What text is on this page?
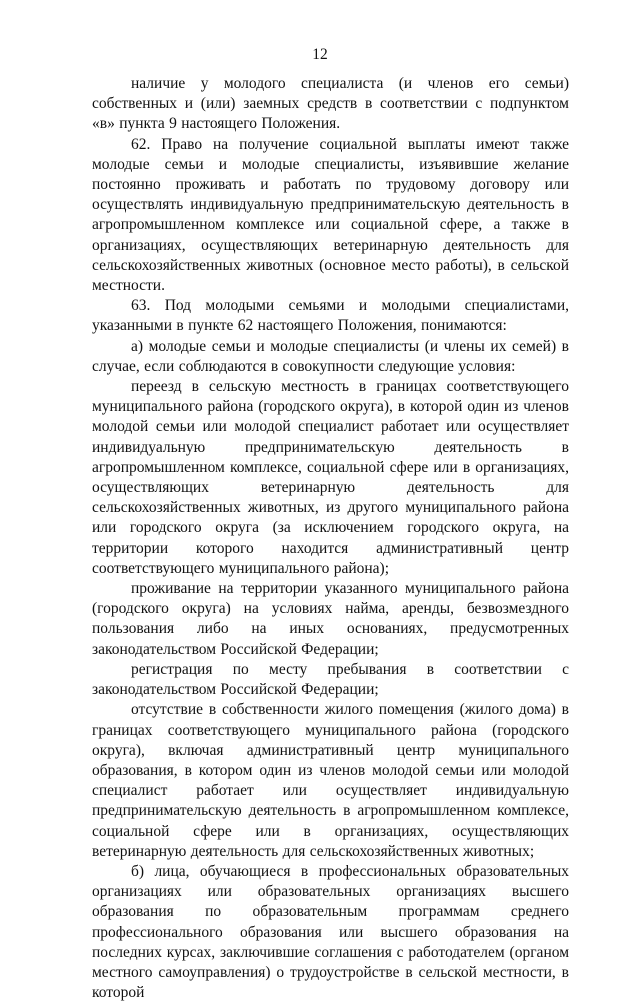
12

наличие у молодого специалиста (и членов его семьи) собственных и (или) заемных средств в соответствии с подпунктом «в» пункта 9 настоящего Положения.

62. Право на получение социальной выплаты имеют также молодые семьи и молодые специалисты, изъявившие желание постоянно проживать и работать по трудовому договору или осуществлять индивидуальную предпринимательскую деятельность в агропромышленном комплексе или социальной сфере, а также в организациях, осуществляющих ветеринарную деятельность для сельскохозяйственных животных (основное место работы), в сельской местности.

63. Под молодыми семьями и молодыми специалистами, указанными в пункте 62 настоящего Положения, понимаются:

а) молодые семьи и молодые специалисты (и члены их семей) в случае, если соблюдаются в совокупности следующие условия:

переезд в сельскую местность в границах соответствующего муниципального района (городского округа), в которой один из членов молодой семьи или молодой специалист работает или осуществляет индивидуальную предпринимательскую деятельность в агропромышленном комплексе, социальной сфере или в организациях, осуществляющих ветеринарную деятельность для сельскохозяйственных животных, из другого муниципального района или городского округа (за исключением городского округа, на территории которого находится административный центр соответствующего муниципального района);

проживание на территории указанного муниципального района (городского округа) на условиях найма, аренды, безвозмездного пользования либо на иных основаниях, предусмотренных законодательством Российской Федерации;

регистрация по месту пребывания в соответствии с законодательством Российской Федерации;

отсутствие в собственности жилого помещения (жилого дома) в границах соответствующего муниципального района (городского округа), включая административный центр муниципального образования, в котором один из членов молодой семьи или молодой специалист работает или осуществляет индивидуальную предпринимательскую деятельность в агропромышленном комплексе, социальной сфере или в организациях, осуществляющих ветеринарную деятельность для сельскохозяйственных животных;

б) лица, обучающиеся в профессиональных образовательных организациях или образовательных организациях высшего образования по образовательным программам среднего профессионального образования или высшего образования на последних курсах, заключившие соглашения с работодателем (органом местного самоуправления) о трудоустройстве в сельской местности, в которой
